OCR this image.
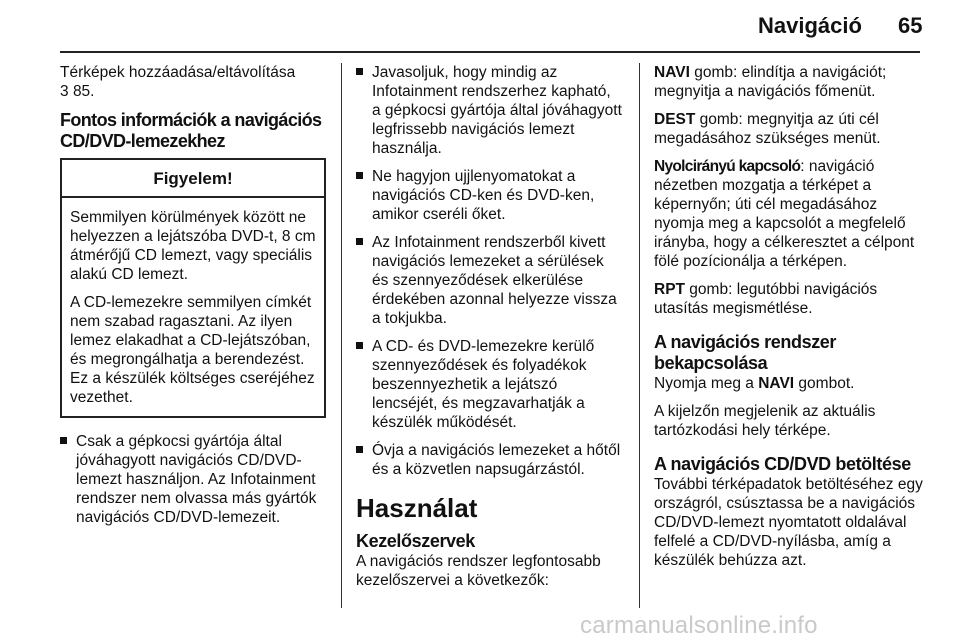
Navigáció 65

Térképek hozzáadása/eltávolítása
3 85.

Fontos információk a navigációs CD/DVD-lemezekhez
Figyelem!

Semmilyen körülmények között ne helyezzen a lejátszóba DVD-t, 8 cm átmérőjű CD lemezt, vagy speciális alakú CD lemezt.

A CD-lemezekre semmilyen címkét nem szabad ragasztani. Az ilyen lemez elakadhat a CD-lejátszóban, és megrongálhatja a berendezést. Ez a készülék költséges cseréjéhez vezethet.

Csak a gépkocsi gyártója által jóváhagyott navigációs CD/DVD-lemezt használjon. Az Infotainment rendszer nem olvassa más gyártók navigációs CD/DVD-lemezeit.
Javasoljuk, hogy mindig az Infotainment rendszerhez kapható, a gépkocsi gyártója által jóváhagyott legfrissebb navigációs lemezt használja.
Ne hagyjon ujjlenyomatokat a navigációs CD-ken és DVD-ken, amikor cseréli őket.
Az Infotainment rendszerből kivett navigációs lemezeket a sérülések és szennyeződések elkerülése érdekében azonnal helyezze vissza a tokjukba.
A CD- és DVD-lemezekre kerülő szennyeződések és folyadékok beszennyezhetik a lejátszó lencséjét, és megzavarhatják a készülék működését.
Óvja a navigációs lemezeket a hőtől és a közvetlen napsugárzástól.
Használat
Kezelőszervek

A navigációs rendszer legfontosabb kezelőszervei a következők:

NAVI gomb: elindítja a navigációt; megnyitja a navigációs főmenüt.

DEST gomb: megnyitja az úti cél megadásához szükséges menüt.

Nyolcirányú kapcsoló: navigáció nézetben mozgatja a térképet a képernyőn; úti cél megadásához nyomja meg a kapcsolót a megfelelő irányba, hogy a célkeresztet a célpont fölé pozícionálja a térképen.

RPT gomb: legutóbbi navigációs utasítás megismétlése.

A navigációs rendszer bekapcsolása

Nyomja meg a NAVI gombot.

A kijelzőn megjelenik az aktuális tartózkodási hely térképe.

A navigációs CD/DVD betöltése

További térképadatok betöltéséhez egy országról, csúsztassa be a navigációs CD/DVD-lemezt nyomtatott oldalával felfelé a CD/DVD-nyílásba, amíg a készülék behúzza azt.

carmanualsonline.info
